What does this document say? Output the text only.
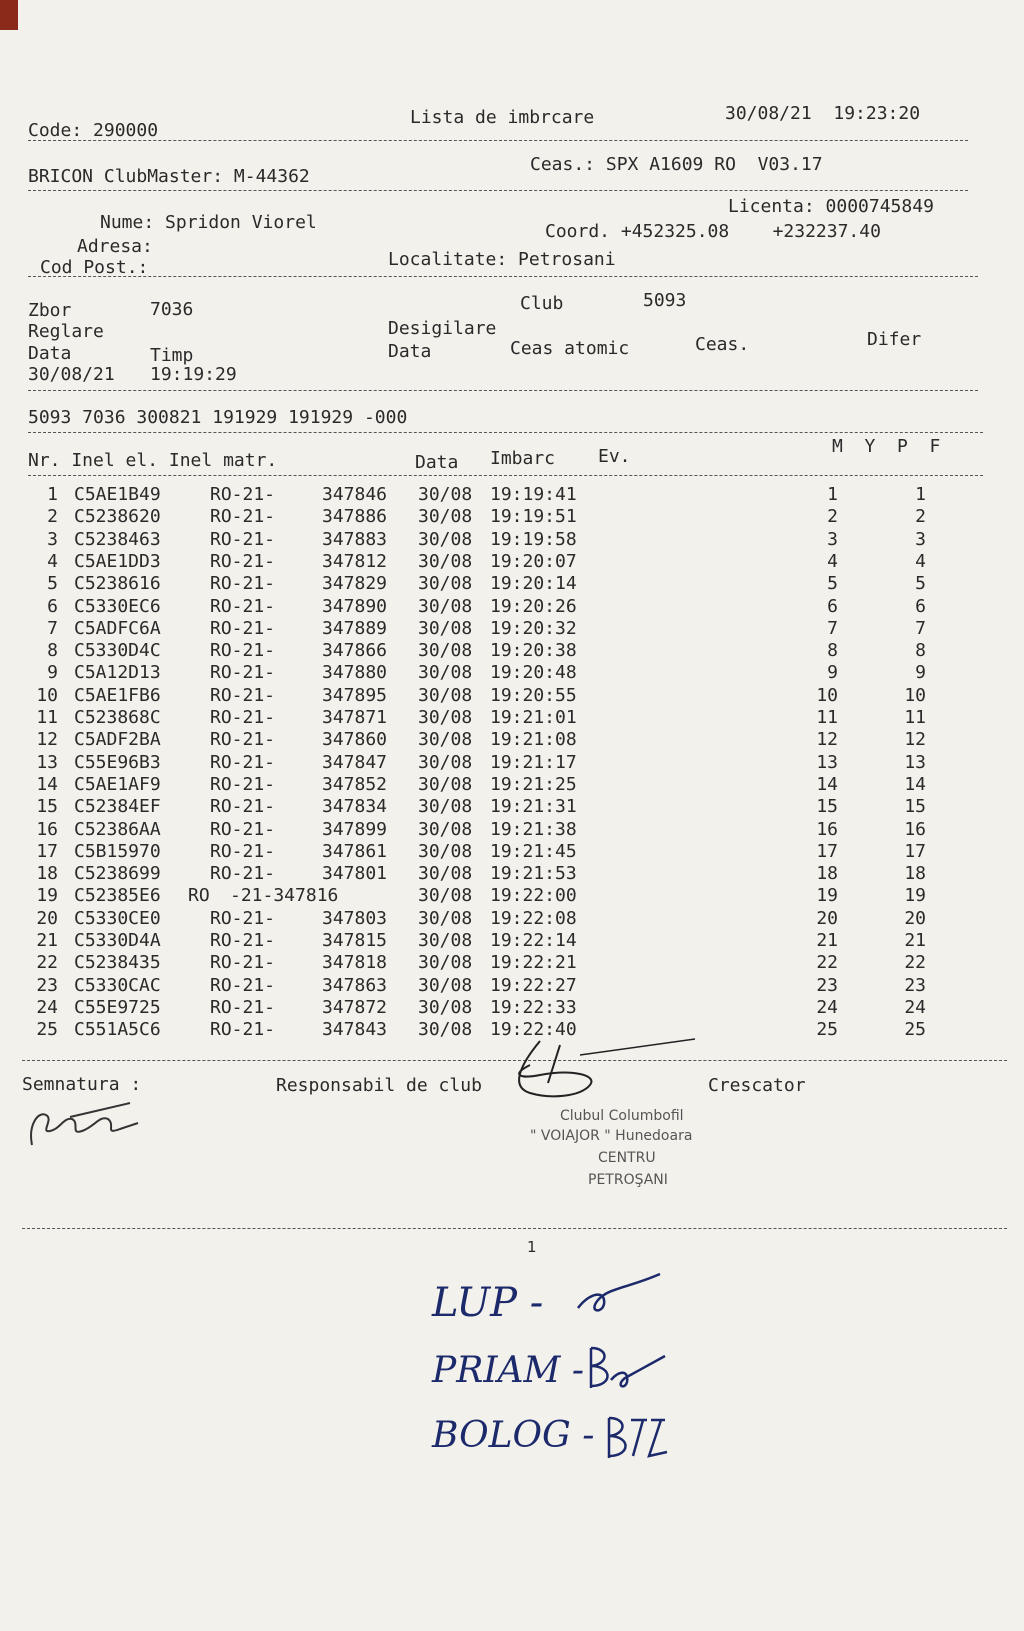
Code: 290000
Lista de imbrcare	30/08/21  19:23:20
BRICON ClubMaster: M-44362
Ceas.: SPX A1609 RO  V03.17
Licenta: 0000745849
Nume: Spridon Viorel	Coord. +452325.08    +232237.40
Adresa:
Cod Post.:	Localitate: Petrosani
Zbor	7036	Club	5093
Reglare	Desigilare
Data	Timp	Data	Ceas atomic	Ceas.	Difer
30/08/21 19:19:29
5093 7036 300821 191929 191929 -000
Nr. Inel el. Inel matr.	Data Imbarc Ev.	M  Y  P  F
1 C5AE1B49	RO-21-	347846 30/08 19:19:41	1	1
2 C5238620	RO-21-	347886 30/08 19:19:51	2	2
3 C5238463	RO-21-	347883 30/08 19:19:58	3	3
4 C5AE1DD3	RO-21-	347812 30/08 19:20:07	4	4
5 C5238616	RO-21-	347829 30/08 19:20:14	5	5
6 C5330EC6	RO-21-	347890 30/08 19:20:26	6	6
7 C5ADFC6A	RO-21-	347889 30/08 19:20:32	7	7
8 C5330D4C	RO-21-	347866 30/08 19:20:38	8	8
9 C5A12D13	RO-21-	347880 30/08 19:20:48	9	9
10 C5AE1FB6	RO-21-	347895 30/08 19:20:55	10	10
11 C523868C	RO-21-	347871 30/08 19:21:01	11	11
12 C5ADF2BA	RO-21-	347860 30/08 19:21:08	12	12
13 C55E96B3	RO-21-	347847 30/08 19:21:17	13	13
14 C5AE1AF9	RO-21-	347852 30/08 19:21:25	14	14
15 C52384EF	RO-21-	347834 30/08 19:21:31	15	15
16 C52386AA	RO-21-	347899 30/08 19:21:38	16	16
17 C5B15970	RO-21-	347861 30/08 19:21:45	17	17
18 C5238699	RO-21-	347801 30/08 19:21:53	18	18
19 C52385E6 RO -21-347816	30/08 19:22:00	19	19
20 C5330CE0	RO-21-	347803 30/08 19:22:08	20	20
21 C5330D4A	RO-21-	347815 30/08 19:22:14	21	21
22 C5238435	RO-21-	347818 30/08 19:22:21	22	22
23 C5330CAC	RO-21-	347863 30/08 19:22:27	23	23
24 C55E9725	RO-21-	347872 30/08 19:22:33	24	24
25 C551A5C6	RO-21-	347843 30/08 19:22:40	25	25
Semnatura :	Responsabil de club	Crescator
Clubul Columbofil
" VOIAJOR " Hunedoara
CENTRU
PETROŞANI
1
LUP -
PRIAM -
BOLOG -
